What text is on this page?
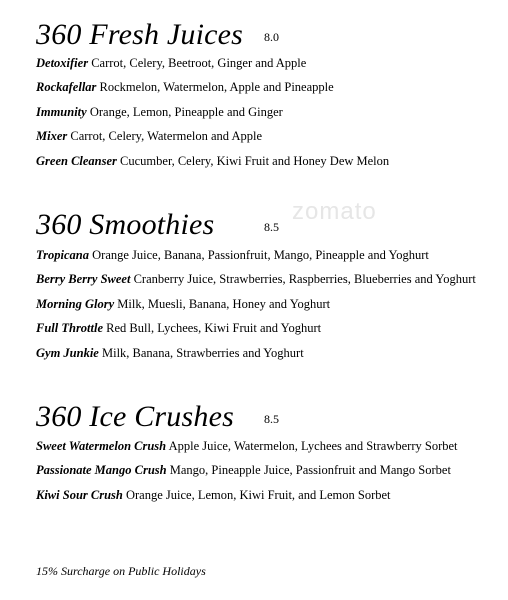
zomato
360 Fresh Juices 8.0
Detoxifier Carrot, Celery, Beetroot, Ginger and Apple
Rockafellar Rockmelon, Watermelon, Apple and Pineapple
Immunity Orange, Lemon, Pineapple and Ginger
Mixer Carrot, Celery, Watermelon and Apple
Green Cleanser Cucumber, Celery, Kiwi Fruit and Honey Dew Melon
360 Smoothies	8.5
Tropicana Orange Juice, Banana, Passionfruit, Mango, Pineapple and Yoghurt
Berry Berry Sweet Cranberry Juice, Strawberries, Raspberries, Blueberries and Yoghurt
Morning Glory Milk, Muesli, Banana, Honey and Yoghurt
Full Throttle Red Bull, Lychees, Kiwi Fruit and Yoghurt
Gym Junkie Milk, Banana, Strawberries and Yoghurt
360 Ice Crushes	8.5
Sweet Watermelon Crush Apple Juice, Watermelon, Lychees and Strawberry Sorbet
Passionate Mango Crush Mango, Pineapple Juice, Passionfruit and Mango Sorbet
Kiwi Sour Crush Orange Juice, Lemon, Kiwi Fruit, and Lemon Sorbet
15% Surcharge on Public Holidays
